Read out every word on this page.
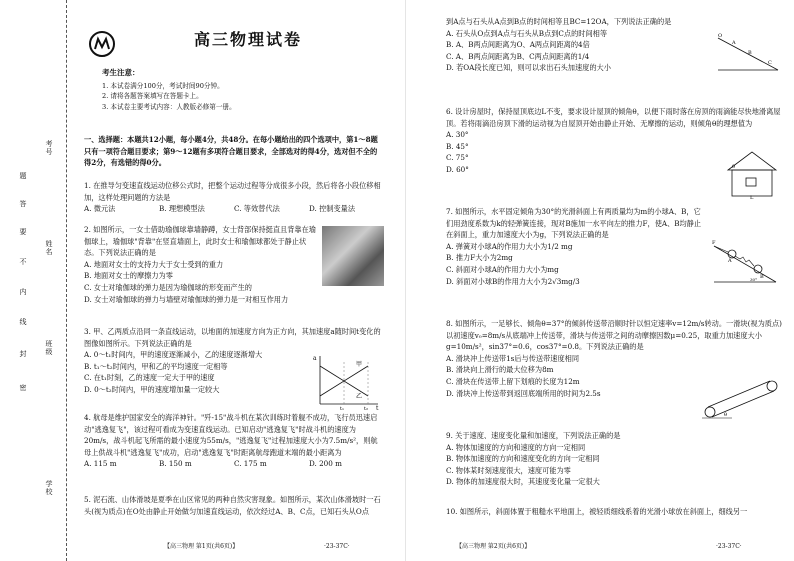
考号
题
答
要
不
内
线
封
密
姓名
班级
学校
高三物理试卷
考生注意：
1. 本试卷满分100分，考试时间90分钟。
2. 请将各题答案填写在答题卡上。
3. 本试卷主要考试内容：人教版必修第一册。
一、选择题：本题共12小题，每小题4分，共48分。在每小题给出的四个选项中，第1～8题只有一项符合题目要求；第9～12题有多项符合题目要求，全部选对的得4分，选对但不全的得2分，有选错的得0分。

1. 在推导匀变速直线运动位移公式时，把整个运动过程等分成很多小段，然后将各小段位移相加，这样处理问题的方法是

A. 微元法	B. 理想模型法	C. 等效替代法	D. 控制变量法

2. 如图所示，一女士借助瑜伽球靠墙静蹲，女士背部保持挺直且背靠在瑜伽球上，瑜伽球"背靠"在竖直墙面上，此时女士和瑜伽球都处于静止状态。下列说法正确的是

A. 地面对女士的支持力大于女士受到的重力

B. 地面对女士的摩擦力为零

C. 女士对瑜伽球的弹力是因为瑜伽球的形变而产生的

D. 女士对瑜伽球的弹力与墙壁对瑜伽球的弹力是一对相互作用力

3. 甲、乙两质点沿同一条直线运动，以地面的加速度方向为正方向，其加速度a随时间t变化的图像如图所示。下列说法正确的是

A. 0～t₁时间内，甲的速度逐渐减小，乙的速度逐渐增大

B. t₁～t₂时间内，甲和乙的平均速度一定相等

C. 在t₁时刻，乙的速度一定大于甲的速度

D. 0～t₂时间内，甲的速度增加量一定较大

a
甲
乙
t₁	t₂ t

4. 航母是维护国家安全的海洋神针。"歼-15"战斗机在某次训练时着舰不成功，飞行员迅速启动"逃逸复飞"，该过程可看成为变速直线运动。已知启动"逃逸复飞"时战斗机的速度为20m/s，战斗机起飞所需的最小速度为55m/s，"逃逸复飞"过程加速度大小为7.5m/s²，则航母上供战斗机"逃逸复飞"成功，启动"逃逸复飞"时距离航母跑道末端的最小距离为

A. 115 m	B. 150 m	C. 175 m	D. 200 m

5. 泥石流、山体滑坡是夏季在山区常见的两种自然灾害现象。如图所示，某次山体滑坡时一石头(视为质点)在O处由静止开始做匀加速直线运动，依次经过A、B、C点，已知石头从O点

【高三物理 第1页(共6页)】	·23-37C·

到A点与石头从A点到B点的时间相等且BC=12OA，下列说法正确的是

A. 石头从O点到A点与石头从B点到C点的时间相等

B. A、B两点间距离为O、A两点间距离的4倍

C. A、B两点间距离为B、C两点间距离的1/4

D. 若OA段长度已知，则可以求出石头加速度的大小

O
A
B
C

6. 设计房屋时，保持屋顶底边L不变，要求设计屋顶的倾角θ，以便下雨时落在房顶的雨滴能尽快地滑离屋顶。若将雨滴沿房顶下滑的运动视为自屋顶开始由静止开始、无摩擦的运动，则倾角θ的理想值为

A. 30°

B. 45°

C. 75°

D. 60°	θ
L

7. 如图所示，水平固定倾角为30°的光滑斜面上有两质量均为m的小球A、B，它们用劲度系数为k的轻弹簧连接，现对B施加一水平向左的推力F，使A、B均静止在斜面上，重力加速度大小为g，下列说法正确的是

A. 弹簧对小球A的作用力大小为1/2 mg

B. 推力F大小为2mg

C. 斜面对小球A的作用力大小为mg

D. 斜面对小球B的作用力大小为2√3mg/3

F
A
B
30°

8. 如图所示，一足够长、倾角θ=37°的倾斜传送带沿顺时针以恒定速率v=12m/s转动。一滑块(视为质点)以初速度v₀=8m/s从底端冲上传送带，滑块与传送带之间的动摩擦因数μ=0.25，取重力加速度大小g=10m/s²，sin37°=0.6，cos37°=0.8。下列说法正确的是

A. 滑块冲上传送带1s后与传送带速度相同

B. 滑块向上滑行的最大位移为8m

C. 滑块在传送带上留下划痕的长度为12m

D. 滑块冲上传送带到返回底端所用的时间为2.5s

θ

9. 关于速度、速度变化量和加速度，下列说法正确的是

A. 物体加速度的方向和速度的方向一定相同

B. 物体加速度的方向和速度变化的方向一定相同

C. 物体某时刻速度很大，速度可能为零

D. 物体的加速度很大时，其速度变化量一定很大

10. 如图所示，斜面体置于粗糙水平地面上，被轻质细线系着的光滑小球放在斜面上，细线另一

【高三物理 第2页(共6页)】	·23-37C·
